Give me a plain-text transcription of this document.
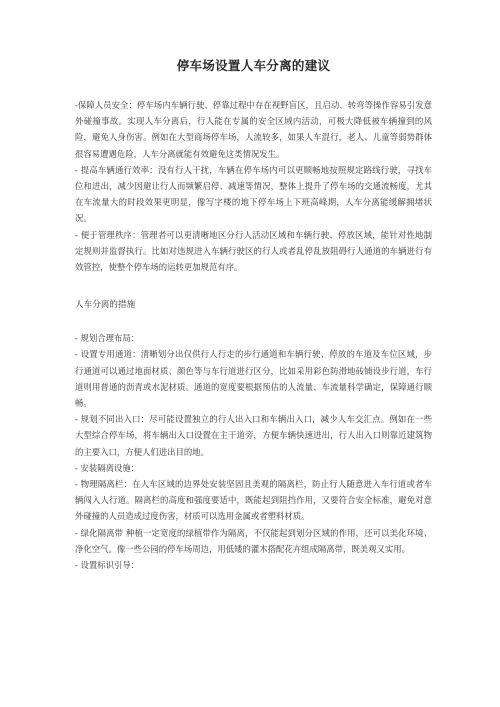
停车场设置人车分离的建议

-保障人员安全：停车场内车辆行驶、停靠过程中存在视野盲区，且启动、转弯等操作容易引发意外碰撞事故。实现人车分离后，行人能在专属的安全区域内活动，可极大降低被车辆撞到的风险，避免人身伤害。例如在大型商场停车场，人流较多，如果人车混行，老人、儿童等弱势群体很容易遭遇危险，人车分离就能有效避免这类情况发生。

- 提高车辆通行效率：没有行人干扰，车辆在停车场内可以更顺畅地按照规定路线行驶，寻找车位和进出，减少因避让行人而频繁启停、减速等情况，整体上提升了停车场的交通流畅度，尤其在车流量大的时段效果更明显，像写字楼的地下停车场上下班高峰期，人车分离能缓解拥堵状况。

- 便于管理秩序：管理者可以更清晰地区分行人活动区域和车辆行驶、停放区域，能针对性地制定规则并监督执行。比如对违规进入车辆行驶区的行人或者乱停乱放阻碍行人通道的车辆进行有效管控，使整个停车场的运转更加规范有序。

人车分离的措施

- 规划合理布局：

- 设置专用通道：清晰划分出仅供行人行走的步行通道和车辆行驶、停放的车道及车位区域，步行通道可以通过地面材质、颜色等与车行道进行区分，比如采用彩色防滑地砖铺设步行道，车行道则用普通的沥青或水泥材质。通道的宽度要根据预估的人流量、车流量科学确定，保障通行顺畅。

- 规划不同出入口：尽可能设置独立的行人出入口和车辆出入口，减少人车交汇点。例如在一些大型综合停车场，将车辆出入口设置在主干道旁，方便车辆快速进出，行人出入口则靠近建筑物的主要入口，方便人们进出目的地。

- 安装隔离设施：

- 物理隔离栏：在人车区域的边界处安装坚固且美观的隔离栏，防止行人随意进入车行道或者车辆闯入人行道。隔离栏的高度和强度要适中，既能起到阻挡作用，又要符合安全标准，避免对意外碰撞的人员造成过度伤害，材质可以选用金属或者塑料材质。

- 绿化隔离带 种植一定宽度的绿植带作为隔离，不仅能起到划分区域的作用，还可以美化环境、净化空气。像一些公园的停车场周边，用低矮的灌木搭配花卉组成隔离带，既美观又实用。

- 设置标识引导：
